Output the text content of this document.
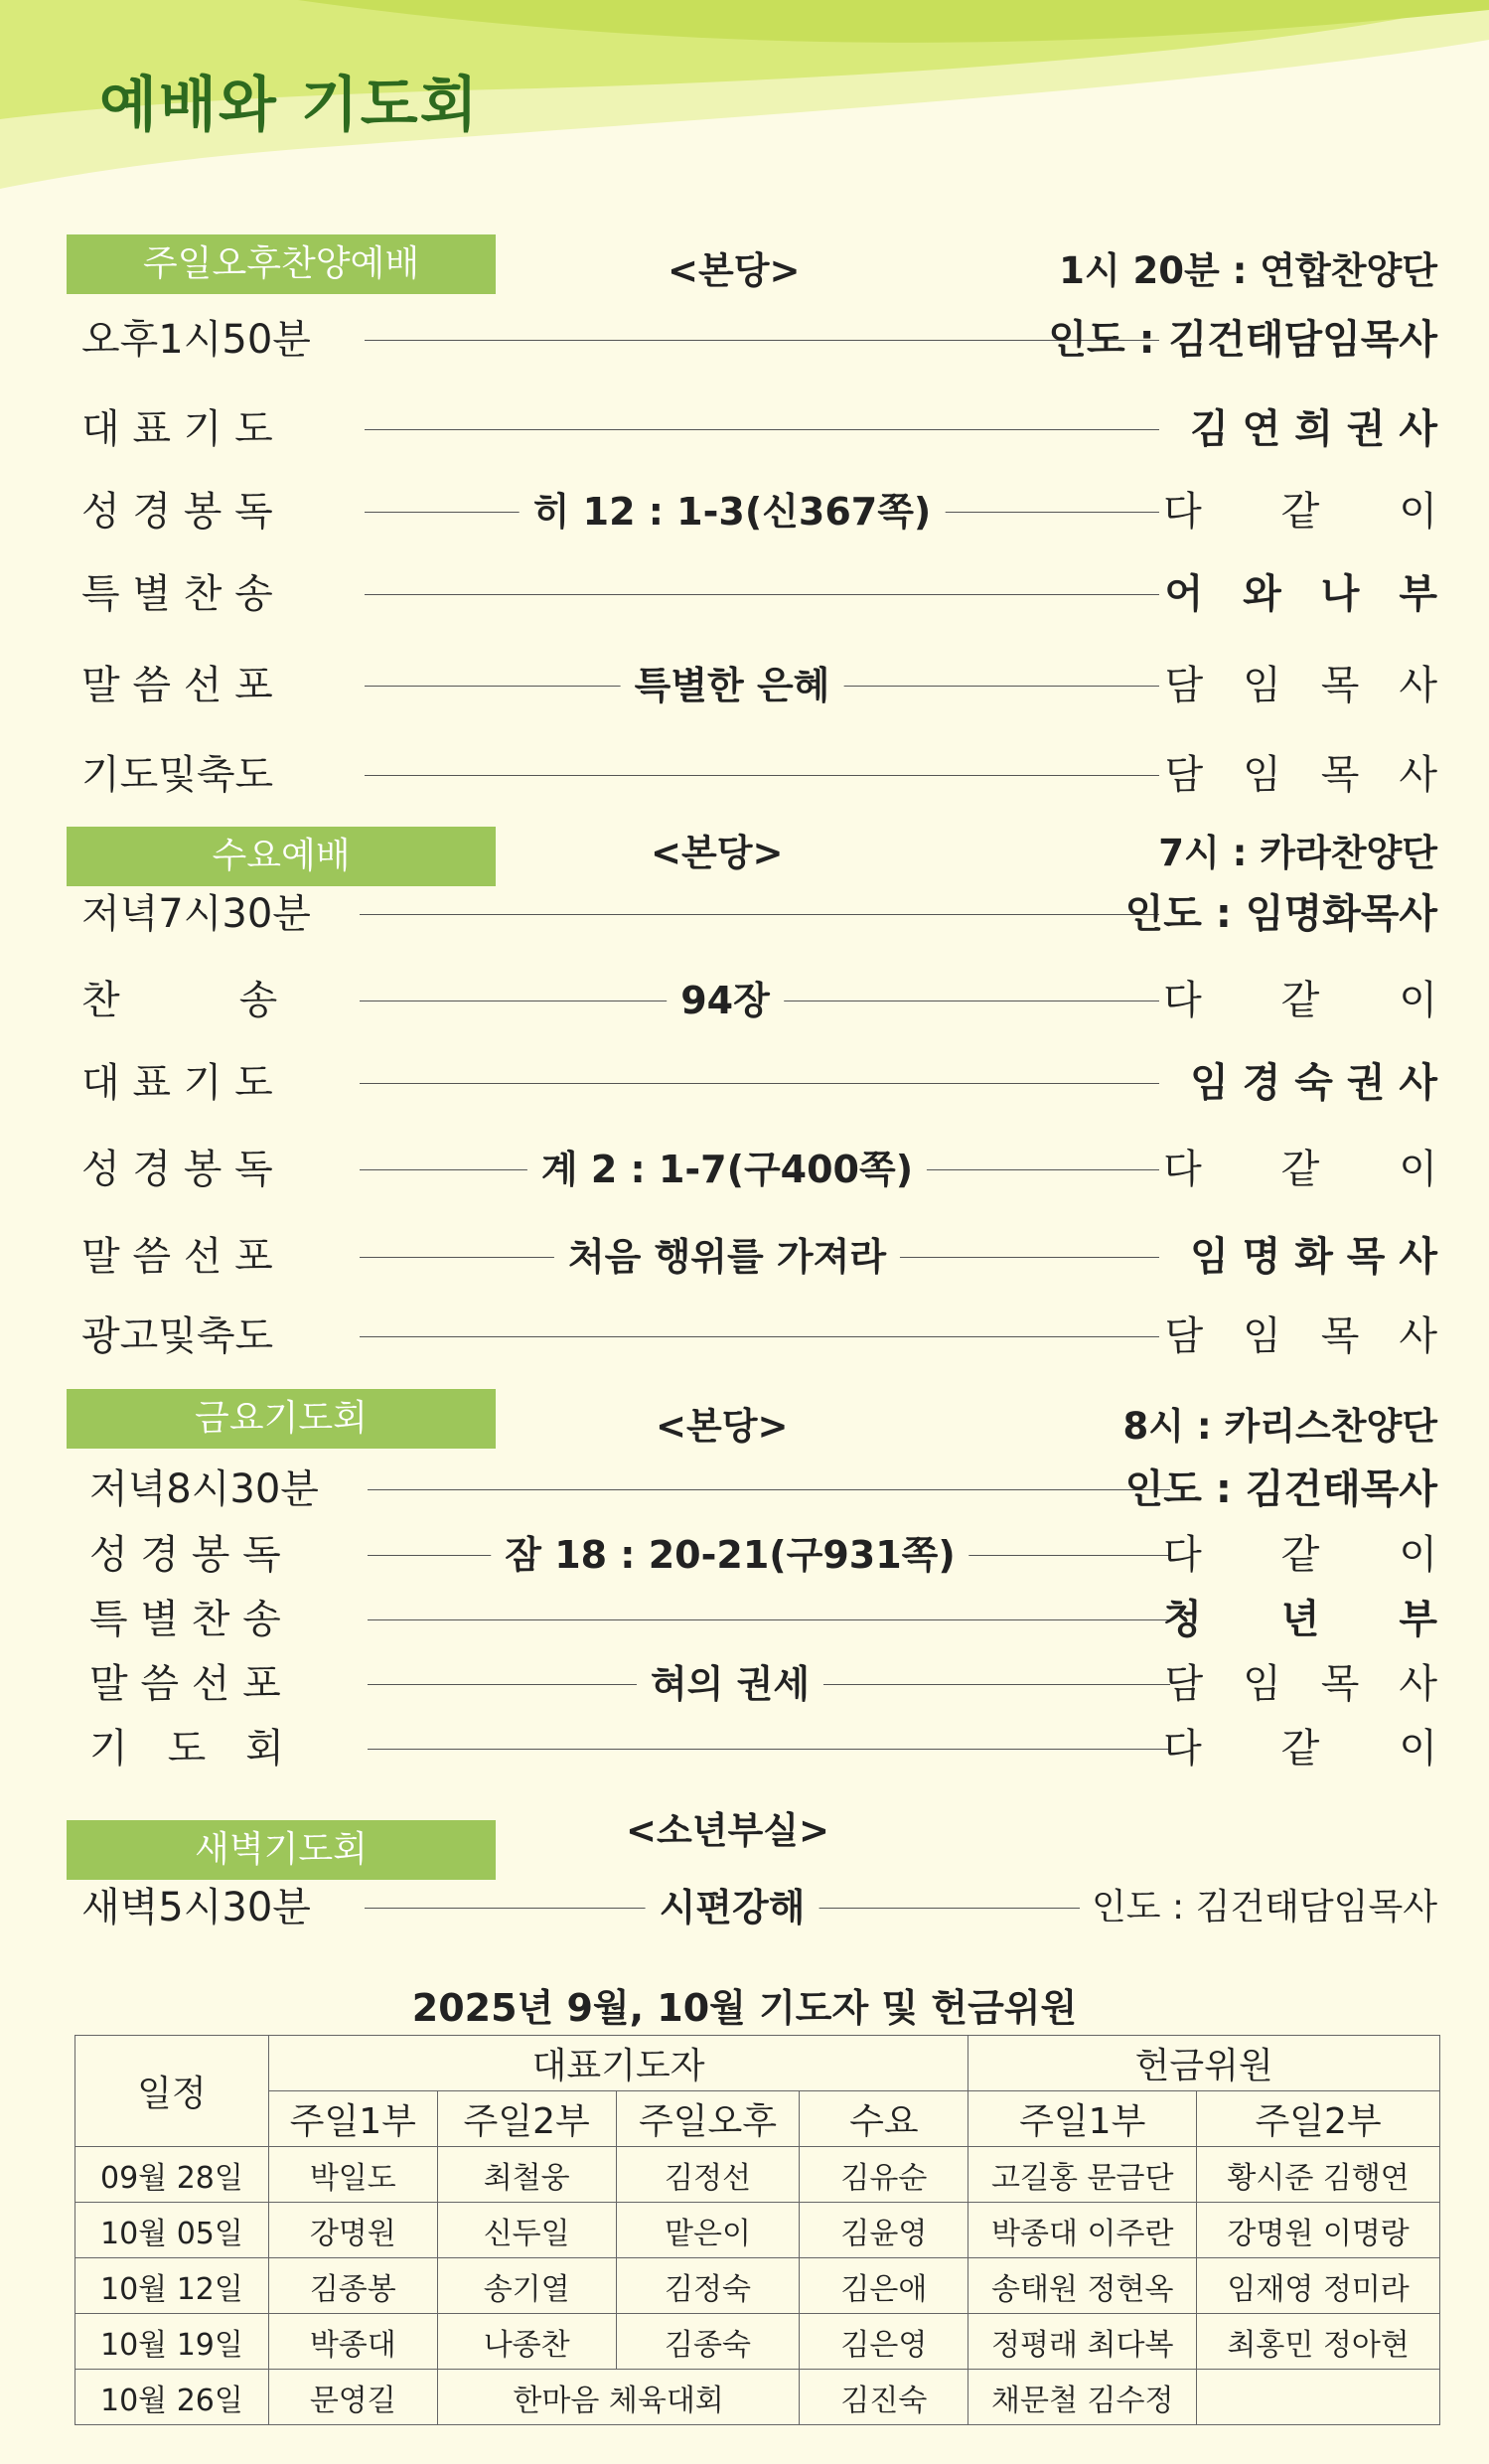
예배와 기도회
주일오후찬양예배	<본당>	1시 20분 : 연합찬양단
오후1시50분	인도 : 김건태담임목사
대 표 기 도	김 연 희 권 사
성 경 봉 독	히 12 : 1-3(신367쪽)	다　　같　　이
특 별 찬 송	어　와　나　부
말 씀 선 포	특별한 은혜	담　임　목　사
기도및축도	담　임　목　사
수요예배	<본당>	7시 : 카라찬양단
저녁7시30분	인도 : 임명화목사
찬　　　송	94장	다　　같　　이
대 표 기 도	임 경 숙 권 사
성 경 봉 독	계 2 : 1-7(구400쪽)	다　　같　　이
말 씀 선 포	처음 행위를 가져라	임 명 화 목 사
광고및축도	담　임　목　사
금요기도회	<본당>	8시 : 카리스찬양단
저녁8시30분	인도 : 김건태목사
성 경 봉 독	잠 18 : 20-21(구931쪽)	다　　같　　이
특 별 찬 송	청　　년　　부
말 씀 선 포	혀의 권세	담　임　목　사
기　도　회	다　　같　　이
새벽기도회	<소년부실>
새벽5시30분	시편강해	인도 : 김건태담임목사
2025년 9월, 10월 기도자 및 헌금위원
일정	대표기도자				헌금위원	
	주일1부	주일2부	주일오후	수요	주일1부	주일2부
09월 28일	박일도	최철웅	김정선	김유순	고길홍 문금단	황시준 김행연
10월 05일	강명원	신두일	맡은이	김윤영	박종대 이주란	강명원 이명랑
10월 12일	김종봉	송기열	김정숙	김은애	송태원 정현옥	임재영 정미라
10월 19일	박종대	나종찬	김종숙	김은영	정평래 최다복	최홍민 정아현
10월 26일	문영길	한마음 체육대회		김진숙	채문철 김수정	
